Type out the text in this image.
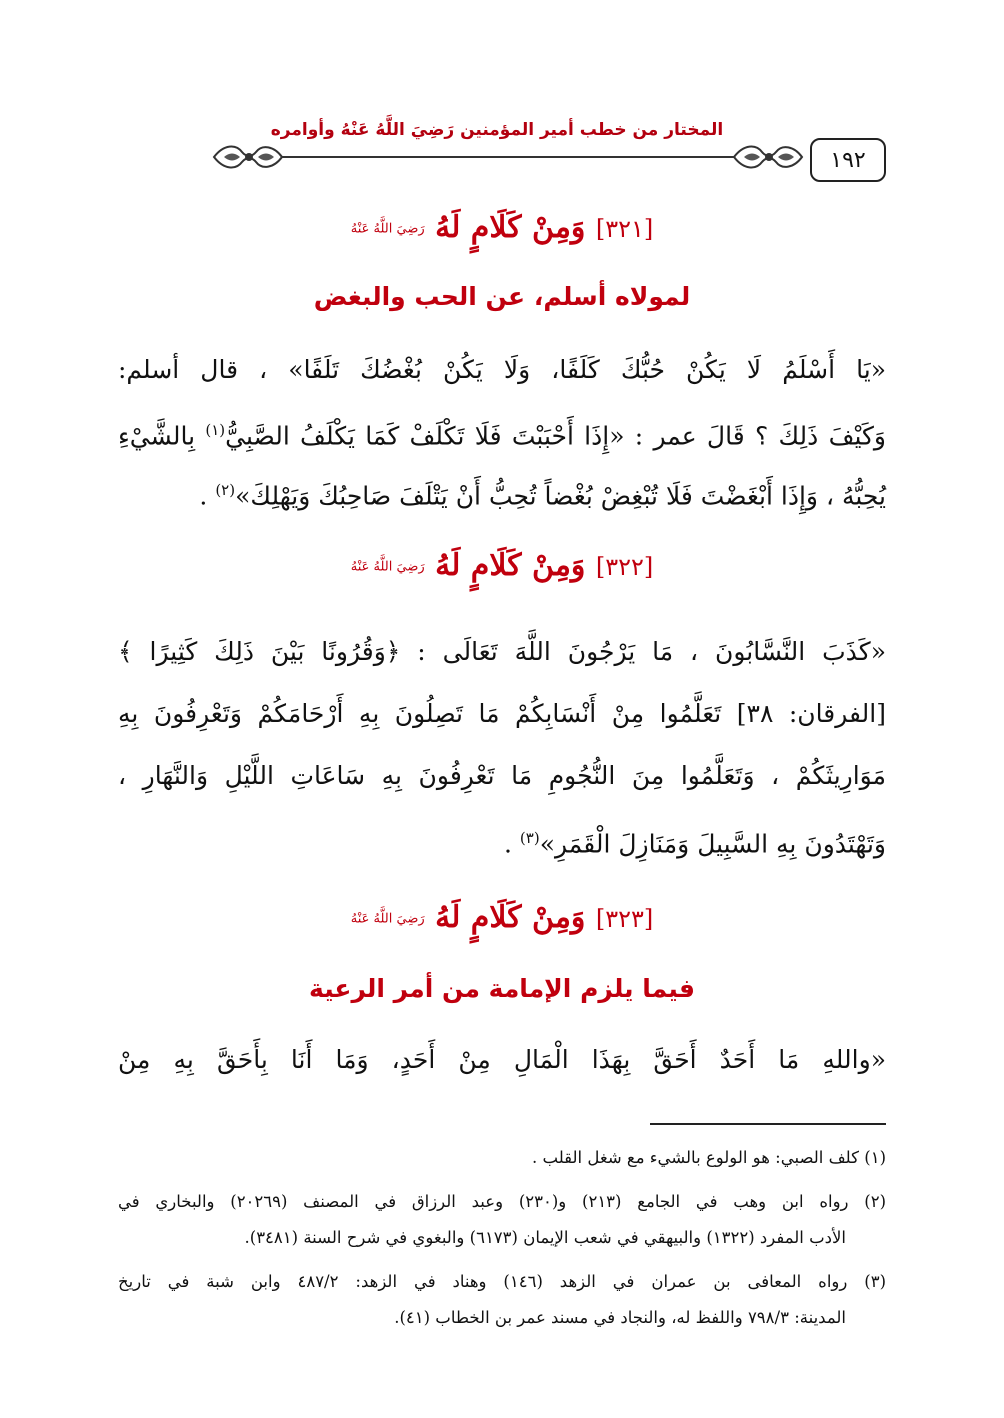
١٩٢
المختار من خطب أمير المؤمنين رَضِيَ اللَّهُ عَنْهُ وأوامره
[٣٢١] وَمِنْ كَلَامٍ لَهُ رَضِيَ اللَّهُ عَنْهُ
لمولاه أسلم، عن الحب والبغض
«يَا أَسْلَمُ لَا يَكُنْ حُبُّكَ كَلَفًا، وَلَا يَكُنْ بُغْضُكَ تَلَفًا» ، قال أسلم:
وَكَيْفَ ذَلِكَ ؟ قَالَ عمر : «إِذَا أَحْبَبْتَ فَلَا تَكْلَفْ كَمَا يَكْلَفُ الصَّبِيُّ$^{(١)}$ بِالشَّيْءِ
يُحِبُّهُ ، وَإِذَا أَبْغَضْتَ فَلَا تُبْغِضْ بُغْضاً تُحِبُّ أَنْ يَتْلَفَ صَاحِبُكَ وَيَهْلِكَ»$^{(٢)}$ .
[٣٢٢] وَمِنْ كَلَامٍ لَهُ رَضِيَ اللَّهُ عَنْهُ
«كَذَبَ النَّسَّابُونَ ، مَا يَرْجُونَ اللَّهَ تَعَالَى : ﴿وَقُرُونًا بَيْنَ ذَلِكَ كَثِيرًا ﴾
[الفرقان: ٣٨] تَعَلَّمُوا مِنْ أَنْسَابِكُمْ مَا تَصِلُونَ بِهِ أَرْحَامَكُمْ وَتَعْرِفُونَ بِهِ
مَوَارِيثَكُمْ ، وَتَعَلَّمُوا مِنَ النُّجُومِ مَا تَعْرِفُونَ بِهِ سَاعَاتِ اللَّيْلِ وَالنَّهَارِ ،
وَتَهْتَدُونَ بِهِ السَّبِيلَ وَمَنَازِلَ الْقَمَرِ»$^{(٣)}$ .
[٣٢٣] وَمِنْ كَلَامٍ لَهُ رَضِيَ اللَّهُ عَنْهُ
فيما يلزم الإمامة من أمر الرعية
«واللهِ مَا أَحَدٌ أَحَقَّ بِهَذَا الْمَالِ مِنْ أَحَدٍ، وَمَا أَنَا بِأَحَقَّ بِهِ مِنْ
(١) كلف الصبي: هو الولوع بالشيء مع شغل القلب .
(٢) رواه ابن وهب في الجامع (٢١٣) و(٢٣٠) وعبد الرزاق في المصنف (٢٠٢٦٩) والبخاري في
الأدب المفرد (١٣٢٢) والبيهقي في شعب الإيمان (٦١٧٣) والبغوي في شرح السنة (٣٤٨١).
(٣) رواه المعافى بن عمران في الزهد (١٤٦) وهناد في الزهد: ٤٨٧/٢ وابن شبة في تاريخ
المدينة: ٧٩٨/٣ واللفظ له، والنجاد في مسند عمر بن الخطاب (٤١).
